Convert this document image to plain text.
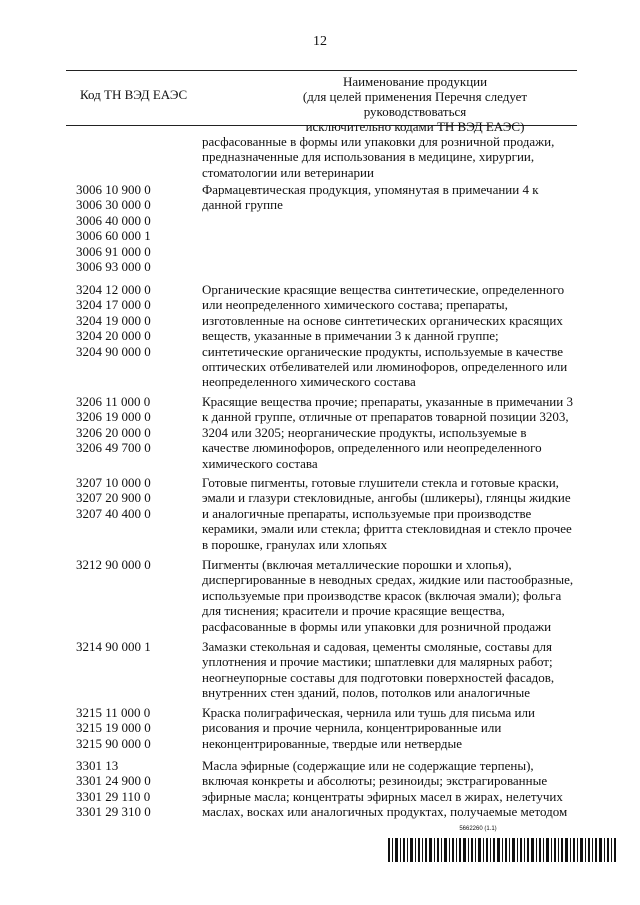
12
Код ТН ВЭД ЕАЭС
Наименование продукции
(для целей применения Перечня следует руководствоваться
исключительно кодами ТН ВЭД ЕАЭС)
расфасованные в формы или упаковки для розничной продажи,
предназначенные для использования в медицине, хирургии,
стоматологии или ветеринарии
3006 10 900 0
3006 30 000 0
3006 40 000 0
3006 60 000 1
3006 91 000 0
3006 93 000 0
Фармацевтическая продукция, упомянутая в примечании 4 к
данной группе
3204 12 000 0
3204 17 000 0
3204 19 000 0
3204 20 000 0
3204 90 000 0
Органические красящие вещества синтетические, определенного
или неопределенного химического состава; препараты,
изготовленные на основе синтетических органических красящих
веществ, указанные в примечании 3 к данной группе;
синтетические органические продукты, используемые в качестве
оптических отбеливателей или люминофоров, определенного или
неопределенного химического состава
3206 11 000 0
3206 19 000 0
3206 20 000 0
3206 49 700 0
Красящие вещества прочие; препараты, указанные в примечании 3
к данной группе, отличные от препаратов товарной позиции 3203,
3204 или 3205; неорганические продукты, используемые в
качестве люминофоров, определенного или неопределенного
химического состава
3207 10 000 0
3207 20 900 0
3207 40 400 0
Готовые пигменты, готовые глушители стекла и готовые краски,
эмали и глазури стекловидные, ангобы (шликеры), глянцы жидкие
и аналогичные препараты, используемые при производстве
керамики, эмали или стекла; фритта стекловидная и стекло прочее
в порошке, гранулах или хлопьях
3212 90 000 0	Пигменты (включая металлические порошки и хлопья),
диспергированные в неводных средах, жидкие или пастообразные,
используемые при производстве красок (включая эмали); фольга
для тиснения; красители и прочие красящие вещества,
расфасованные в формы или упаковки для розничной продажи
3214 90 000 1	Замазки стекольная и садовая, цементы смоляные, составы для
уплотнения и прочие мастики; шпатлевки для малярных работ;
неогнеупорные составы для подготовки поверхностей фасадов,
внутренних стен зданий, полов, потолков или аналогичные
3215 11 000 0
3215 19 000 0
3215 90 000 0
Краска полиграфическая, чернила или тушь для письма или
рисования и прочие чернила, концентрированные или
неконцентрированные, твердые или нетвердые
3301 13
3301 24 900 0
3301 29 110 0
3301 29 310 0
Масла эфирные (содержащие или не содержащие терпены),
включая конкреты и абсолюты; резиноиды; экстрагированные
эфирные масла; концентраты эфирных масел в жирах, нелетучих
маслах, восках или аналогичных продуктах, получаемые методом
5662260 (1.1)
